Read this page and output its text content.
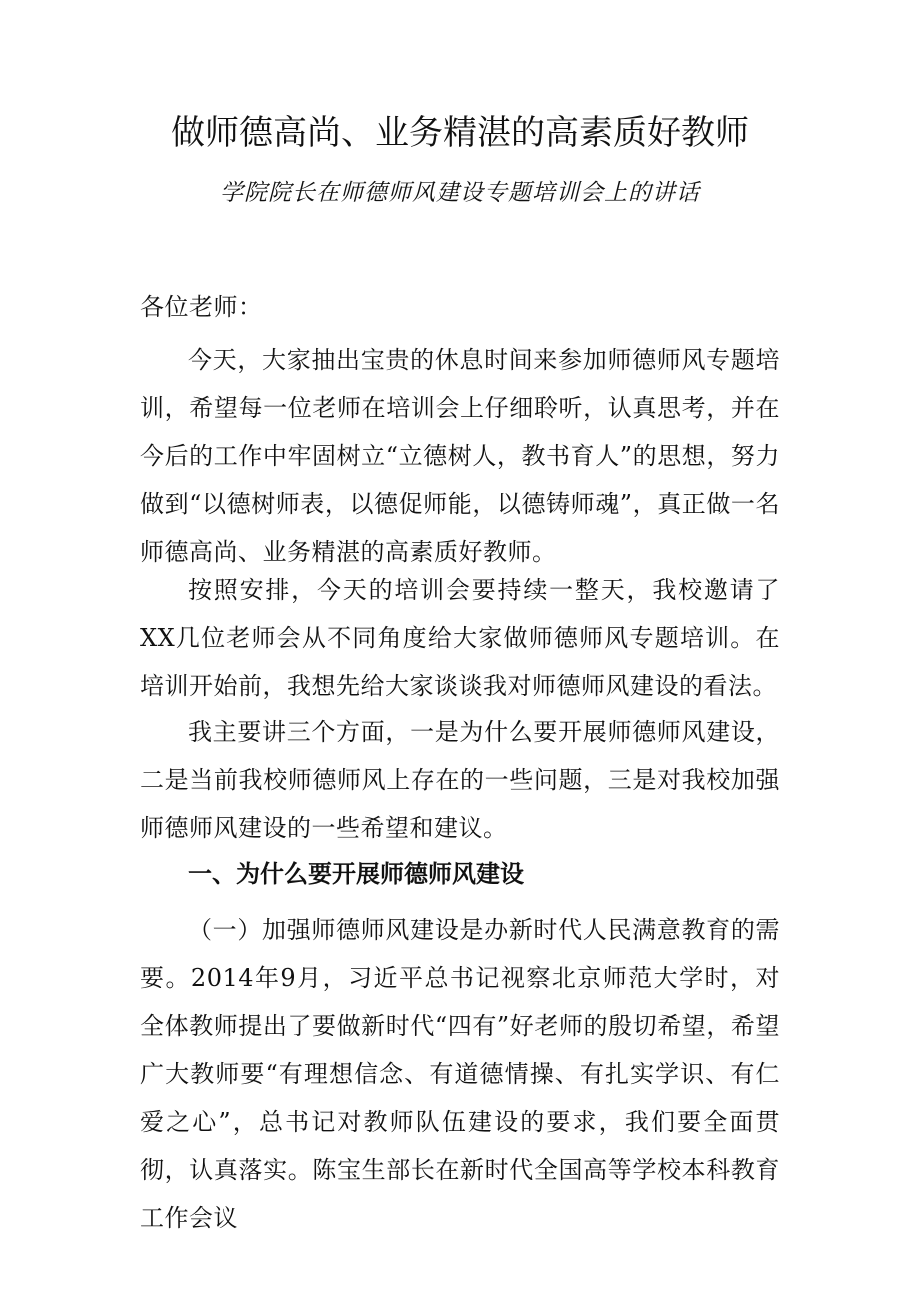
做师德高尚、业务精湛的高素质好教师

学院院长在师德师风建设专题培训会上的讲话

各位老师：

今天，大家抽出宝贵的休息时间来参加师德师风专题培训，希望每一位老师在培训会上仔细聆听，认真思考，并在今后的工作中牢固树立“立德树人，教书育人”的思想，努力做到“以德树师表，以德促师能，以德铸师魂”，真正做一名师德高尚、业务精湛的高素质好教师。

按照安排，今天的培训会要持续一整天，我校邀请了XX几位老师会从不同角度给大家做师德师风专题培训。在培训开始前，我想先给大家谈谈我对师德师风建设的看法。

我主要讲三个方面，一是为什么要开展师德师风建设，二是当前我校师德师风上存在的一些问题，三是对我校加强师德师风建设的一些希望和建议。

一、为什么要开展师德师风建设

（一）加强师德师风建设是办新时代人民满意教育的需要。2014年9月，习近平总书记视察北京师范大学时，对全体教师提出了要做新时代“四有”好老师的殷切希望，希望广大教师要“有理想信念、有道德情操、有扎实学识、有仁爱之心”，总书记对教师队伍建设的要求，我们要全面贯彻，认真落实。陈宝生部长在新时代全国高等学校本科教育工作会议
